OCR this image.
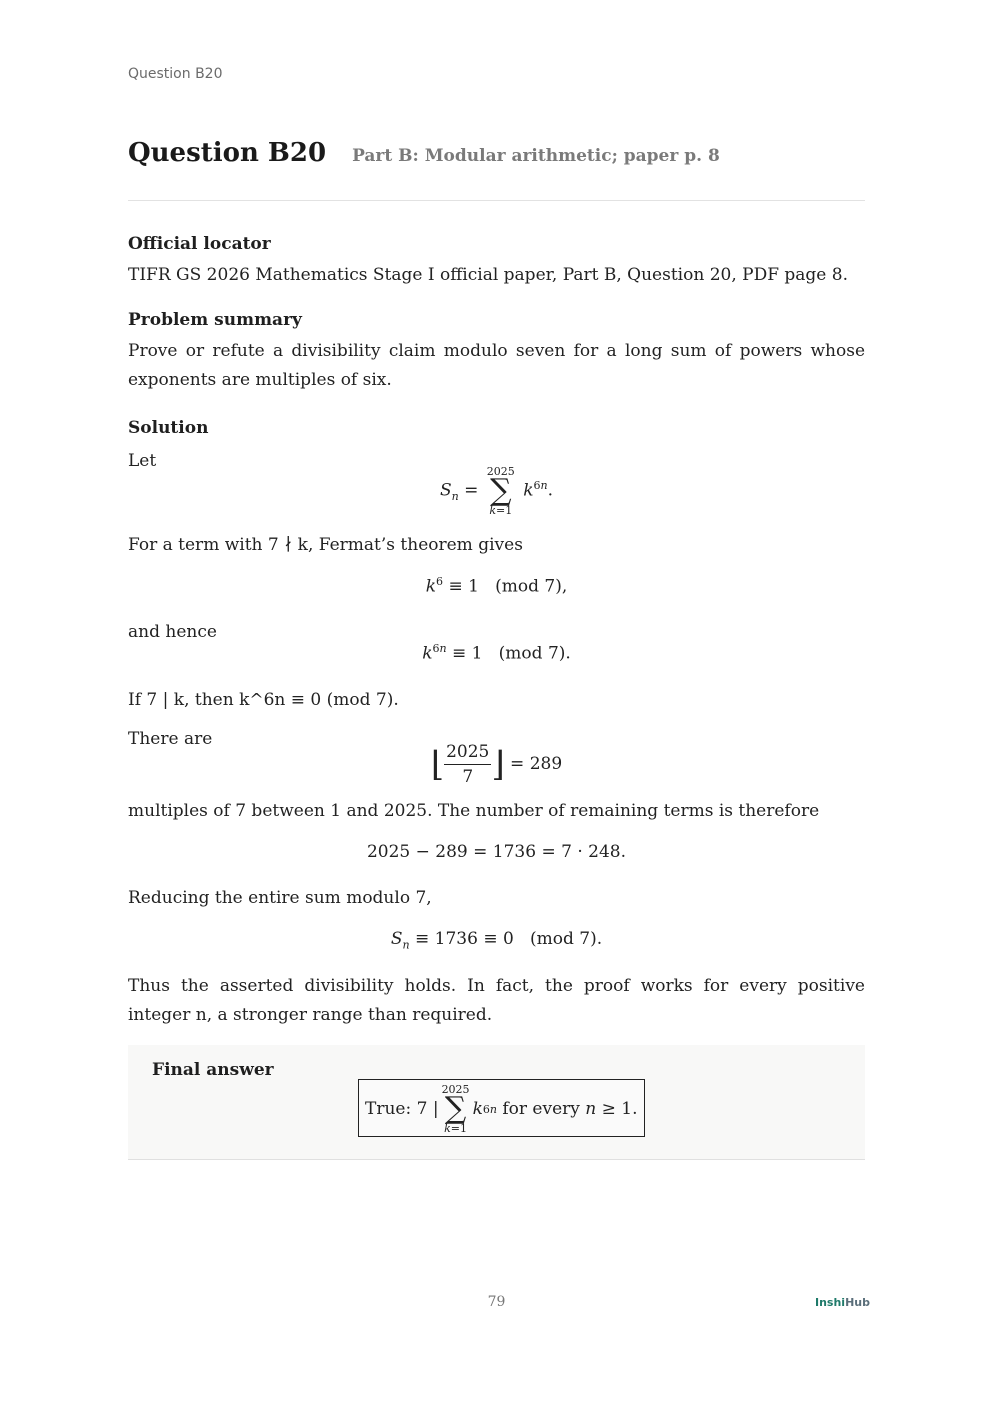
Question B20
Question B20 Part B: Modular arithmetic; paper p. 8
Official locator
TIFR GS 2026 Mathematics Stage I official paper, Part B, Question 20, PDF page 8.
Problem summary
Prove or refute a divisibility claim modulo seven for a long sum of powers whose exponents are multiples of six.
Solution
Let
$S_n$ =
2025
∑
k=1
$k^{6n}$.
For a term with 7 ∤ k, Fermat’s theorem gives
$k^6 \equiv 1$   (mod 7),
and hence
$k^{6n} \equiv 1$   (mod 7).
If 7 | k, then k^6n ≡ 0 (mod 7).
There are
⌊ $\frac{2025}{7}$ ⌋ = 289
multiples of 7 between 1 and 2025. The number of remaining terms is therefore
2025 − 289 = 1736 = 7 · 248.
Reducing the entire sum modulo 7,
$S_n \equiv 1736 \equiv 0$   (mod 7).
Thus the asserted divisibility holds. In fact, the proof works for every positive integer n, a stronger range than required.
Final answer
True: 7 |
2025
∑
k=1
k 6n for every n ≥ 1.
79	InshiHub
